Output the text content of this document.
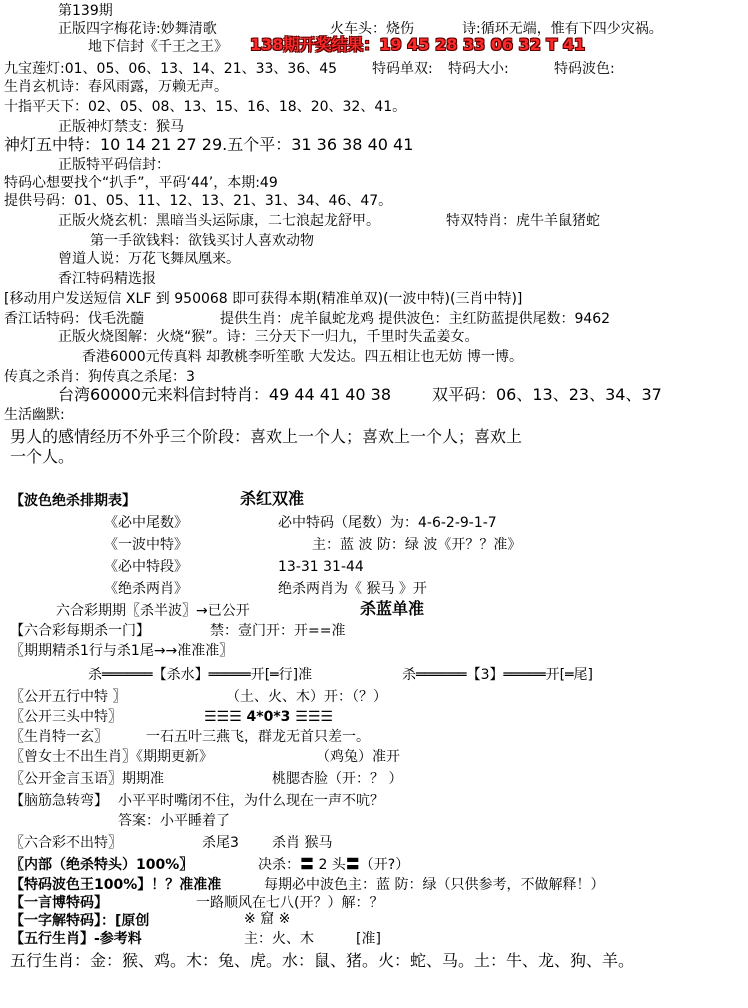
第139期
正版四字梅花诗:妙舞清歌	火车头：烧伤	诗:循环无端，惟有下四少灾祸。
地下信封《千王之王》 138期开奖结果：19 45 28 33 06 32 T 41
九宝莲灯:01、05、06、13、14、21、33、36、45 特码单双: 特码大小:	特码波色:
生肖玄机诗：春风雨露，万赖无声。
十指平天下：02、05、08、13、15、16、18、20、32、41。
正版神灯禁支：猴马
神灯五中特：10 14 21 27 29.五个平：31 36 38 40 41
正版特平码信封：
特码心想要找个“扒手”，平码‘44’，本期:49
提供号码：01、05、11、12、13、21、31、34、46、47。
正版火烧玄机：黑暗当头运际康，二七浪起龙舒甲。	特双特肖：虎牛羊鼠猪蛇
第一手欲钱料：欲钱买讨人喜欢动物
曾道人说：万花飞舞凤凰来。
香江特码精选报
[移动用户发送短信 XLF 到 950068 即可获得本期(精准单双)(一波中特)(三肖中特)]
香江话特码：伐毛洗髓	提供生肖：虎羊鼠蛇龙鸡 提供波色：主红防蓝提供尾数：9462
正版火烧图解：火烧“猴”。诗：三分天下一归九，千里时失孟姜女。
香港6000元传真料 却教桃李听笙歌 大发达。四五相让也无妨 博一博。
传真之杀肖：狗传真之杀尾：3
台湾60000元来料信封特肖：49 44 41 40 38	双平码：06、13、23、34、37
生活幽默:
男人的感情经历不外乎三个阶段：喜欢上一个人；喜欢上一个人；喜欢上
一个人。
【波色绝杀排期表】	杀红双准
《必中尾数》	必中特码（尾数）为：4-6-2-9-1-7
《一波中特》	主：蓝 波 防：绿 波《开？？准》
《必中特段》	13-31 31-44
《绝杀两肖》	绝杀两肖为《 猴马 》开
六合彩期期〖杀半波〗→已公开	杀蓝单准
【六合彩每期杀一门】	禁：壹门开：开==准
〖期期精杀1行与杀1尾→→准准准〗
杀══════【杀水】═════开[═行]准	杀══════【3】═════开[═尾]
〖公开五行中特 〗	（土、火、木）开：（？）
〖公开三头中特〗	☰☰☰ 4*0*3 ☰☰☰
〖生肖特一玄〗	一石五叶三燕飞，群龙无首只差一。
〖曾女士不出生肖〗《期期更新》	（鸡兔）准开
〖公开金言玉语〗期期准	桃腮杏脸（开：？ ）
【脑筋急转弯】 小平平时嘴闭不住，为什么现在一声不吭？
答案：小平睡着了
〖六合彩不出特〗	杀尾3 杀肖 猴马
〖内部（绝杀特头）100%〗	决杀：〓 2 头〓（开?）
【特码波色王100%】！？准准准	每期必中波色主：蓝 防：绿（只供参考，不做解释！）
【一言博特码】	一路顺风在七八(开？）解：？
【一字解特码】：[原创	※ 窟 ※
【五行生肖】-参考料	主：火、木	[准]
五行生肖：金：猴、鸡。木：兔、虎。水：鼠、猪。火：蛇、马。土：牛、龙、狗、羊。
